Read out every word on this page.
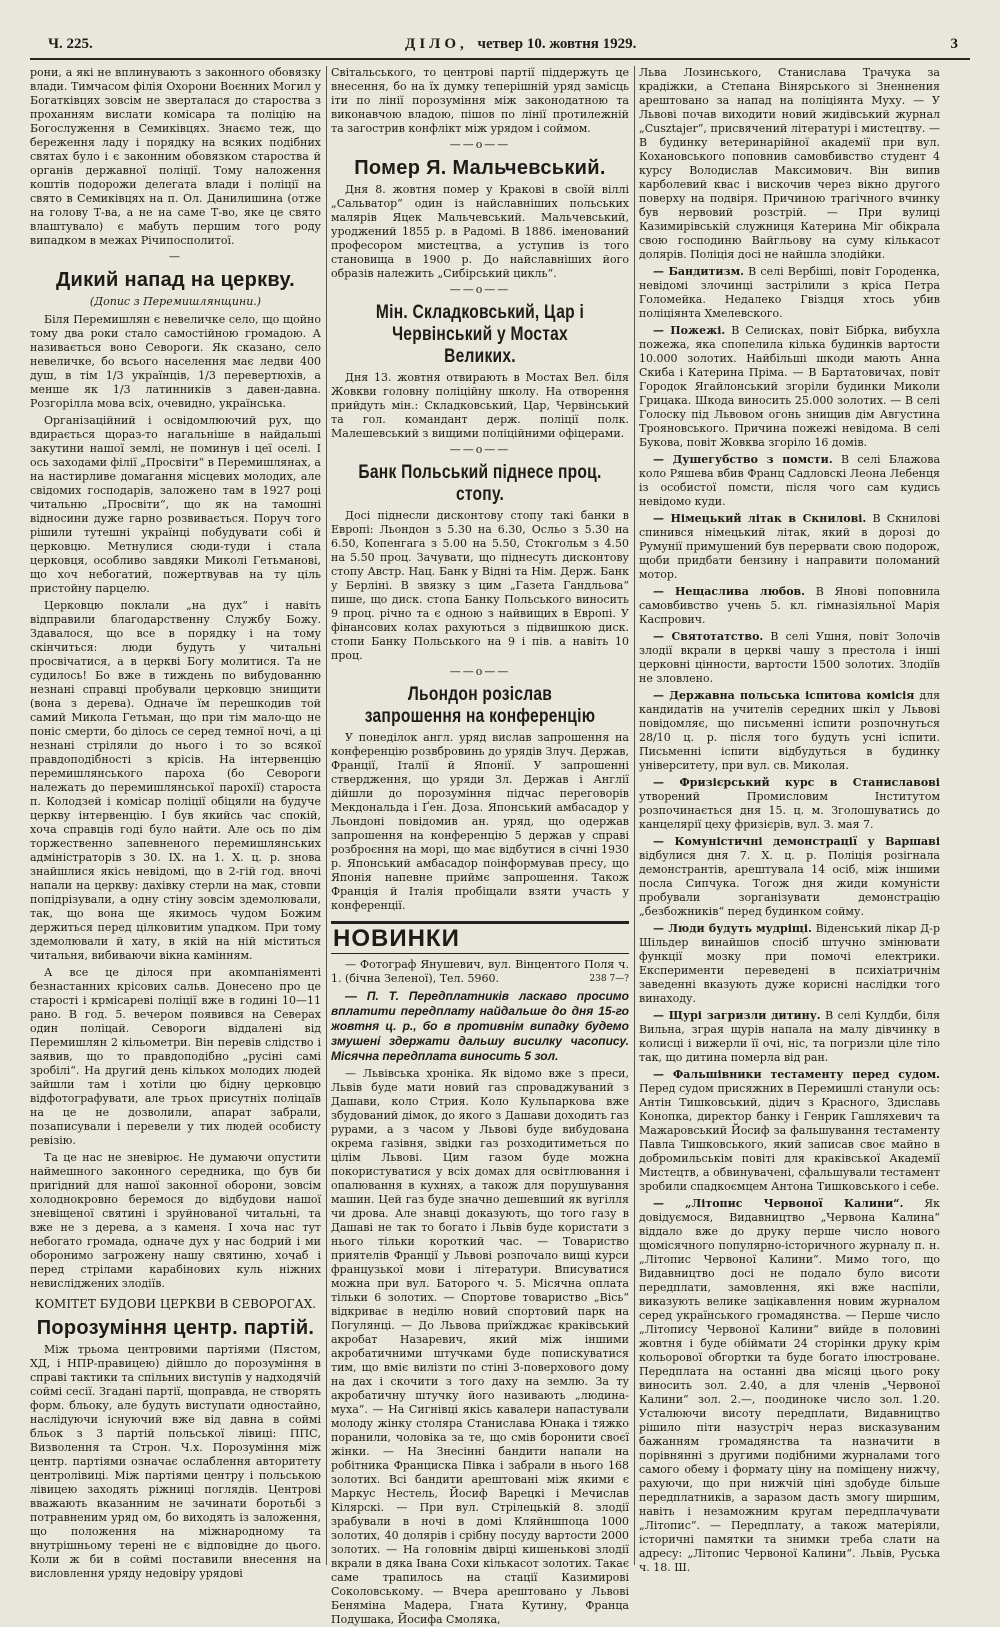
Ч. 225.	ДІЛО, четвер 10. жовтня 1929.	3

рони, а які не вплинувають з законного обовязку влади. Тимчасом філія Охорони Воєнних Могил у Богатківцях зовсім не зверталася до староства з проханням вислати комісара та поліцію на Богослуження в Семиківцях. Знаємо теж, що береження ладу і порядку на всяких подібних святах було і є законним обовязком староства й органів державної поліції. Тому наложення коштів подорожи делегата влади і поліції на свято в Семиківцях на п. Ол. Данилишина (отже на голову Т-ва, а не на саме Т-во, яке це свято влаштувало) є мабуть першим того роду випадком в межах Річипосполитої.

—
Дикий напад на церкву.
(Допис з Перемишлянщини.)

Біля Перемишлян є невеличке село, що щойно тому два роки стало самостійною громадою. А називається воно Севороги. Як сказано, село невеличке, бо всього населення має ледви 400 душ, в тім 1/3 українців, 1/3 перевертюхів, а менше як 1/3 латинників з давен-давна. Розгорілла мова всіх, очевидно, українська.

Організаційний і освідомлюючий рух, що вдирається щораз-то нагальніше в найдальші закутини нашої землі, не поминув і цеї оселі. І ось заходами філії „Просвіти“ в Перемишлянах, а на настирливе домагання місцевих молодих, але свідомих господарів, заложено там в 1927 році читальню „Просвіти“, що як на тамошні відносини дуже гарно розвивається. Поруч того рішили тутешні українці побудувати собі й церковцю. Метнулися сюди-туди і стала церковця, особливо завдяки Миколі Гетьманові, що хоч небогатий, пожертвував на ту ціль пристойну парцелю.

Церковцю поклали „на дух“ і навіть відправили благодарственну Службу Божу. Здавалося, що все в порядку і на тому скінчиться: люди будуть у читальні просвічатися, а в церкві Богу молитися. Та не судилось! Бо вже в тиждень по вибудованню незнані справці пробували церковцю знищити (вона з дерева). Одначе їм перешкодив той самий Микола Гетьман, що при тім мало-що не поніс смерти, бо ділось се серед темної ночі, а ці незнані стріляли до нього і то зо всякої правдоподібності з крісів. На інтервенцію перемишлянського пароха (бо Севороги належать до перемишлянської парохії) староста п. Колодзей і комісар поліції обіцяли на будуче церкву інтервенцію. І був якийсь час спокій, хоча справців годі було найти. Але ось по дім торжественно запевненого перемишлянських адміністраторів з 30. IX. на 1. X. ц. р. знова знайшлися якісь невідомі, що в 2-гій год. вночі напали на церкву: дахівку стерли на мак, стовпи попідрізували, а одну стіну зовсім здемолювали, так, що вона ще якимось чудом Божим держиться перед цілковитим упадком. При тому здемолювали й хату, в якій на ній міститься читальня, вибиваючи вікна камінням.

А все це ділося при акомпаніяменті безнастанних крісових сальв. Донесено про це старості і крмісареві поліції вже в годині 10—11 рано. В год. 5. вечером появився на Северах один поліцай. Севороги віддалені від Перемишлян 2 кільометри. Він перевів слідство і заявив, що то правдоподібно „русіні самі зробілі“. На другий день кількох молодих людей зайшли там і хотіли цю бідну церковцю відфотографувати, але трьох присутніх поліцаїв на це не дозволили, апарат забрали, позаписували і перевели у тих людей особисту ревізію.

Та це нас не зневірює. Не думаючи опустити наймешного законного середника, що був би пригідний для нашої законної оборони, зовсім холоднокровно беремося до відбудови нашої зневіщеної святині і зруйнованої читальні, та вже не з дерева, а з каменя. І хоча нас тут небогато громада, одначе дух у нас бодрий і ми оборонимо загрожену нашу святиню, хочаб і перед стрілами карабінових куль ніжних невисліджених злодіїв.

КОМІТЕТ БУДОВИ ЦЕРКВИ В СЕВОРОГАХ.
Порозуміння центр. партій.

Між трьома центровими партіями (Пястом, ХД, і НПР-правицею) дійшло до порозуміння в справі тактики та спільних виступів у надходячій соймі сесії. Згадані партії, щоправда, не створять форм. бльоку, але будуть виступати одностайно, наслідуючи існуючий вже від давна в соймі бльок з 3 партій польської лівиці: ППС, Визволення та Строн. Ч.х. Порозуміння між центр. партіями означає ослаблення авторитету центролівиці. Між партіями центру і польською лівицею заходять ріжниці поглядів. Центрові вважають вказанним не зачинати боротьбі з потравненим уряд ом, бо виходять із заложення, що положення на міжнародному та внутрішньому терені не є відповідне до цього. Коли ж би в соймі поставили внесення на висловлення уряду недовіру урядові

Світальського, то центрові партії піддержуть це внесення, бо на їх думку теперішній уряд замісць іти по лінії порозуміння між законодатною та виконавчою владою, пішов по лінії протилежній та загострив конфлікт між урядом і соймом.

——o——
Помер Я. Мальчевський.

Дня 8. жовтня помер у Кракові в своїй віллі „Сальватор“ один із найславніших польських малярів Яцек Мальчевський. Мальчевський, уроджений 1855 р. в Радомі. В 1886. іменований професором мистецтва, а уступив із того становища в 1900 р. До найславніших його образів належить „Сибірський цикль“.

——o——
Мін. Складковський, Цар і Червінський у Мостах Великих.

Дня 13. жовтня отвирають в Мостах Вел. біля Жовкви головну поліційну школу. На отворення прийдуть мін.: Складковський, Цар, Червінський та гол. командант держ. поліції полк. Малешевський з вищими поліційними офіцерами.

——o——
Банк Польський піднесе проц. стопу.

Досі піднесли дисконтову стопу такі банки в Европі: Льондон з 5.30 на 6.30, Осльо з 5.30 на 6.50, Копенгага з 5.00 на 5.50, Стокгольм з 4.50 на 5.50 проц. Зачувати, що піднесуть дисконтову стопу Австр. Нац. Банк у Відні та Нім. Держ. Банк у Берліні. В звязку з цим „Газета Гандльова“ пише, що диск. стопа Банку Польського виносить 9 проц. річно та є одною з найвищих в Европі. У фінансових колах рахуються з підвишкою диск. стопи Банку Польського на 9 і пів. а навіть 10 проц.

——o——
Льондон розіслав запрошення на конференцію

У понеділок англ. уряд вислав запрошення на конференцію розвбровинь до урядів Злуч. Держав, Франції, Італії й Японії. У запрошенні ствердження, що уряди Зл. Держав і Англії дійшли до порозуміння підчас переговорів Мекдональда і Ґен. Доза. Японський амбасадор у Льондоні повідомив ан. уряд, що одержав запрошення на конференцію 5 держав у справі розброєння на морі, що має відбутися в січні 1930 р. Японський амбасадор поінформував пресу, що Японія напевне приймє запрошення. Також Франція й Італія пробіщали взяти участь у конференції.

НОВИНКИ

— Фотограф Янушевич, вул. Вінцентого Поля ч. 1. (бічна Зеленої), Тел. 5960.	238 7—?

— П. Т. Передплатників ласкаво просимо вплатити передплату найдальше до дня 15-го жовтня ц. р., бо в противнім випадку будемо змушені здержати дальшу висилку часопису. Місячна передплата виносить 5 зол.

— Львівська хроніка. Як відомо вже з преси, Львів буде мати новий газ спроваджуваний з Дашави, коло Стрия. Коло Кульпаркова вже збудований дімок, до якого з Дашави доходить газ рурами, а з часом у Львові буде вибудована окрема газівня, звідки газ розходитиметься по цілім Львові. Цим газом буде можна покористуватися у всіх домах для освітлювання і опалювання в кухнях, а також для порушування машин. Цей газ буде значно дешевший як вугілля чи дрова. Але знавці доказують, що того газу в Дашаві не так то богато і Львів буде користати з нього тільки короткий час. — Товариство приятелів Франції у Львові розпочало вищі курси французької мови і літератури. Вписуватися можна при вул. Баторого ч. 5. Місячна оплата тільки 6 золотих. — Спортове товариство „Вісь“ відкриває в неділю новий спортовий парк на Погулянці. — До Львова приїжджає краківський акробат Назаревич, який між іншими акробатичними штучками буде попискуватися тим, що вміє вилізти по стіні 3-поверхового дому на дах і скочити з того даху на землю. За ту акробатичну штучку його називають „людина-муха“. — На Сигнівці якісь кавалери напастували молоду жінку столяра Станислава Юнака і тяжко поранили, чоловіка за те, що смів боронити своєї жінки. — На Знесінні бандити напали на робітника Франциска Півка і забрали в нього 168 золотих. Всі бандити арештовані між якими є Маркус Нестель, Йосиф Варецкі і Мечислав Кілярскі. — При вул. Стрілецькій 8. злодії зрабували в ночі в домі Кляйншпоца 1000 золотих, 40 долярів і срібну посуду вартости 2000 золотих. — На головнім двірці кишенькові злодії вкрали в дяка Івана Сохи кількасот золотих. Такає саме трапилось на стації Казимирові Соколовському. — Вчера арештовано у Львові Беняміна Мадера, Гната Кутину, Франца Подушака, Йосифа Смоляка,

Льва Лозинського, Станислава Трачука за крадіжки, а Степана Вінярського зі Зненнения арештовано за напад на поліціянта Муху. — У Львові почав виходити новий жидівський журнал „Cusztajer“, присвячений літературі і мистецтву. — В будинку ветеринарійної академії при вул. Кохановського поповнив самовбивство студент 4 курсу Володислав Максимович. Він випив карболевий квас і вискочив через вікно другого поверху на подвіря. Причиною трагічного вчинку був нервовий розстрій. — При вулиці Казимирівській служниця Катерина Міг обікрала свою господиню Вайгльову на суму кількасот долярів. Поліція досі не найшла злодійки.

— Бандитизм. В селі Вербіші, повіт Городенка, невідомі злочинці застрілили з кріса Петра Голомейка. Недалеко Гвіздця хтось убив поліціянта Хмелевского.

— Пожежі. В Селисках, повіт Бібрка, вибухла пожежа, яка спопелила кілька будинків вартости 10.000 золотих. Найбільші шкоди мають Анна Скиба і Катерина Пріма. — В Бартатовичах, повіт Городок Ягайлонський згоріли будинки Миколи Грицака. Шкода виносить 25.000 золотих. — В селі Голоску під Львовом огонь знищив дім Августина Трояновського. Причина пожежі невідома. В селі Букова, повіт Жовква згоріло 16 домів.

— Душегубство з помсти. В селі Блажова коло Ряшева вбив Франц Садловскі Леона Лебенця із особистої помсти, після чого сам кудись невідомо куди.

— Німецький літак в Скнилові. В Скнилові спинився німецький літак, який в дорозі до Румунії примушений був перервати свою подорож, щоби придбати бензину і направити поломаний мотор.

— Нещаслива любов. В Янові поповнила самовбивство учень 5. кл. гімназіяльної Марія Каспрович.

— Святотатство. В селі Ушня, повіт Золочів злодії вкрали в церкві чашу з престола і інші церковні цінности, вартости 1500 золотих. Злодіїв не зловлено.

— Державна польська іспитова комісія для кандидатів на учителів середних шкіл у Львові повідомляє, що письменні іспити розпочнуться 28/10 ц. р. після того будуть усні іспити. Письменні іспити відбудуться в будинку університету, при вул. св. Миколая.

— Фризієрський курс в Станиславові утворений Промисловим Інститутом розпочинається дня 15. ц. м. Зголошуватись до канцелярії цеху фризієрів, вул. З. мая 7.

— Комуністичні демонстрації у Варшаві відбулися дня 7. Х. ц. р. Поліція розігнала демонстрантів, арештувала 14 осіб, між іншими посла Сипчука. Тогож дня жиди комуністи пробували зорганізувати демонстрацію „безбожників“ перед будинком сойму.

— Люди будуть мудріщі. Віденський лікар Д-р Шільдер винайшов спосіб штучно змінювати функції мозку при помочі електрики. Експерименти переведені в психіатричнім заведенні вказують дуже корисні наслідки того винаходу.

— Щурі загризли дитину. В селі Кулдби, біля Вильна, зграя щурів напала на малу дівчинку в колисці і вижерли її очі, ніс, та погризли ціле тіло так, що дитина померла від ран.

— Фальшівники тестаменту перед судом. Перед судом присяжних в Перемишлі станули ось: Антін Тишковський, дідич з Красного, Здиславь Конопка, директор банку і Генрик Гашляхевич та Мажаровський Йосиф за фальшування тестаменту Павла Тишковського, який записав своє майно в добромильськім повіті для краківської Академії Мистецтв, а обвинувачені, сфальшували тестамент зробили спадкоємцем Антона Тишковського і себе.

— „Літопис Червоної Калини“. Як довідуємося, Видавництво „Червона Калина“ віддало вже до друку перше число нового щомісячного популярно-історичного журналу п. н. „Літопис Червоної Калини“. Мимо того, що Видавництво досі не подало було висоти передплати, замовлення, які вже наспіли, виказують велике зацікавлення новим журналом серед українського громадянства. — Перше число „Літопису Червоної Калини“ вийде в половині жовтня і буде обіймати 24 сторінки друку крім кольорової обгортки та буде богато ілюстроване. Передплата на останні два місяці цього року виносить зол. 2.40, а для членів „Червоної Калини“ зол. 2.—, поодиноке число зол. 1.20. Усталюючи висоту передплати, Видавництво рішило піти назустріч нераз висказуваним бажанням громадянства та назначити в порівнянні з другими подібними журналами того самого обему і формату ціну на поміщену нижчу, рахуючи, що при нижчій ціні здобуде більше передплатників, а заразом дасть змогу ширшим, навіть і незаможним кругам передплачувати „Літопис“. — Передплату, а також матеріяли, історичні памятки та знимки треба слати на адресу: „Літопис Червоної Калини“. Львів, Руська ч. 18. Ш.
